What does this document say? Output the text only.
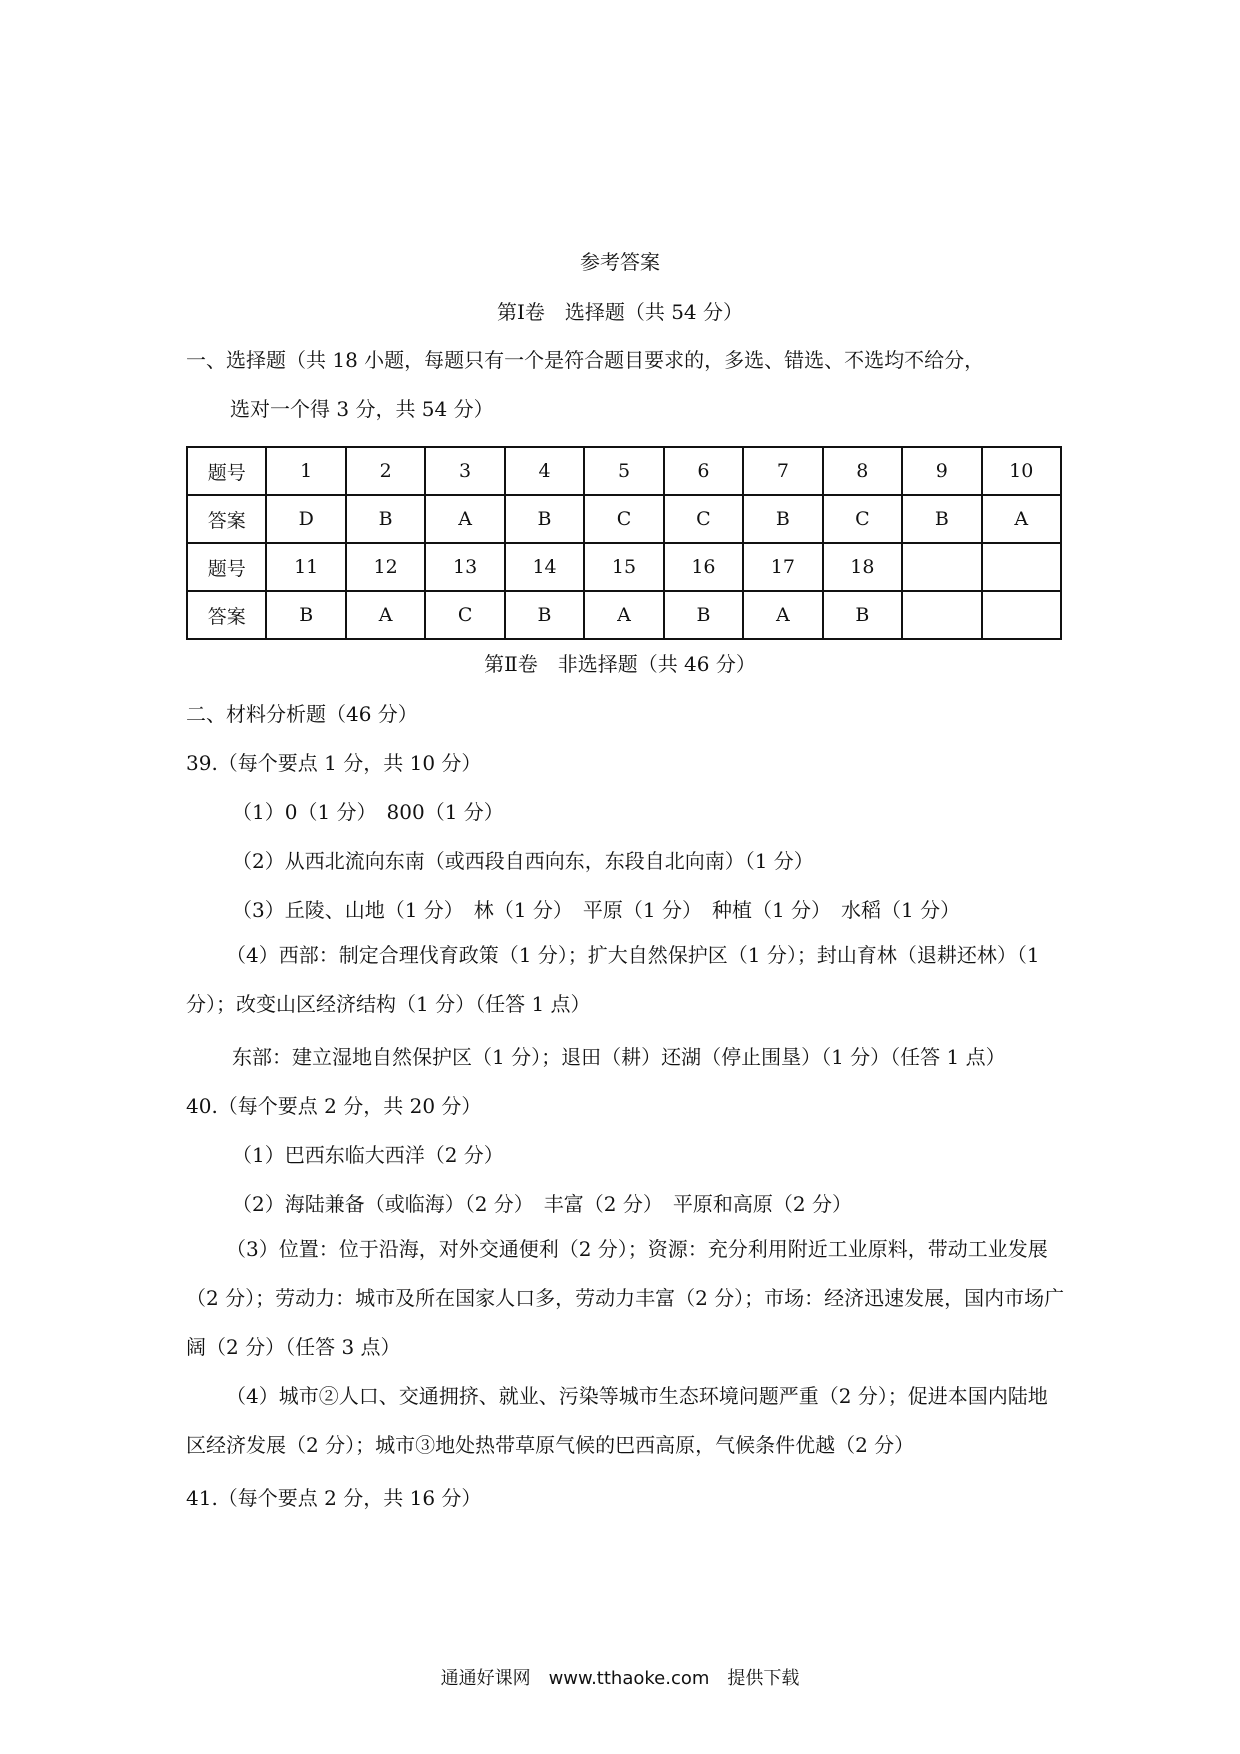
参考答案
第Ⅰ卷　选择题（共 54 分）
一、选择题（共 18 小题，每题只有一个是符合题目要求的，多选、错选、不选均不给分，
选对一个得 3 分，共 54 分）
题号	1	2	3	4	5	6	7	8	9	10
答案	D	B	A	B	C	C	B	C	B	A
题号	11	12	13	14	15	16	17	18		
答案	B	A	C	B	A	B	A	B		
第Ⅱ卷　非选择题（共 46 分）
二、材料分析题（46 分）
39.（每个要点 1 分，共 10 分）
（1）0（1 分）　800（1 分）
（2）从西北流向东南（或西段自西向东，东段自北向南）（1 分）
（3）丘陵、山地（1 分）　林（1 分）　平原（1 分）　种植（1 分）　水稻（1 分）
（4）西部：制定合理伐育政策（1 分）；扩大自然保护区（1 分）；封山育林（退耕还林）（1 分）；改变山区经济结构（1 分）（任答 1 点）
东部：建立湿地自然保护区（1 分）；退田（耕）还湖（停止围垦）（1 分）（任答 1 点）
40.（每个要点 2 分，共 20 分）
（1）巴西东临大西洋（2 分）
（2）海陆兼备（或临海）（2 分）　丰富（2 分）　平原和高原（2 分）
（3）位置：位于沿海，对外交通便利（2 分）；资源：充分利用附近工业原料，带动工业发展（2 分）；劳动力：城市及所在国家人口多，劳动力丰富（2 分）；市场：经济迅速发展，国内市场广阔（2 分）（任答 3 点）
（4）城市②人口、交通拥挤、就业、污染等城市生态环境问题严重（2 分）；促进本国内陆地区经济发展（2 分）；城市③地处热带草原气候的巴西高原，气候条件优越（2 分）
41.（每个要点 2 分，共 16 分）
通通好课网　www.tthaoke.com　提供下载
